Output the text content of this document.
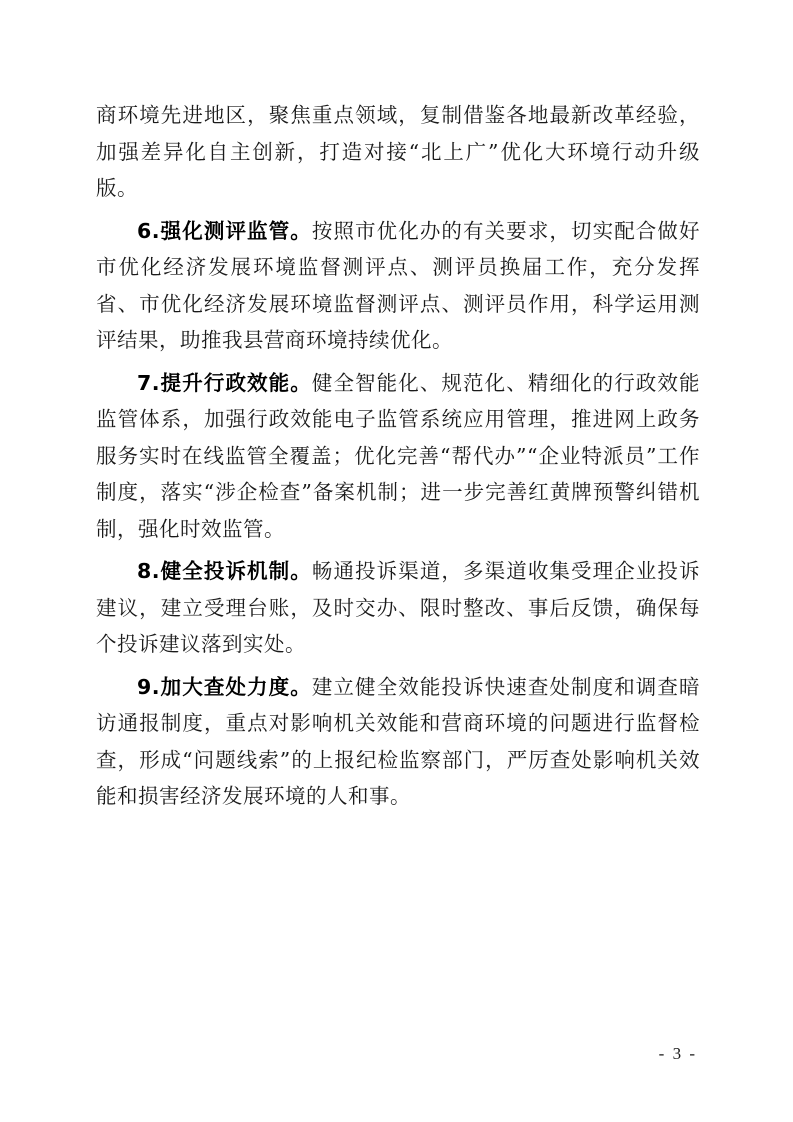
商环境先进地区，聚焦重点领域，复制借鉴各地最新改革经验，加强差异化自主创新，打造对接“北上广”优化大环境行动升级版。

6.强化测评监管。按照市优化办的有关要求，切实配合做好市优化经济发展环境监督测评点、测评员换届工作，充分发挥省、市优化经济发展环境监督测评点、测评员作用，科学运用测评结果，助推我县营商环境持续优化。

7.提升行政效能。健全智能化、规范化、精细化的行政效能监管体系，加强行政效能电子监管系统应用管理，推进网上政务服务实时在线监管全覆盖；优化完善“帮代办”“企业特派员”工作制度，落实“涉企检查”备案机制；进一步完善红黄牌预警纠错机制，强化时效监管。

8.健全投诉机制。畅通投诉渠道，多渠道收集受理企业投诉建议，建立受理台账，及时交办、限时整改、事后反馈，确保每个投诉建议落到实处。

9.加大查处力度。建立健全效能投诉快速查处制度和调查暗访通报制度，重点对影响机关效能和营商环境的问题进行监督检查，形成“问题线索”的上报纪检监察部门，严厉查处影响机关效能和损害经济发展环境的人和事。

- 3 -
